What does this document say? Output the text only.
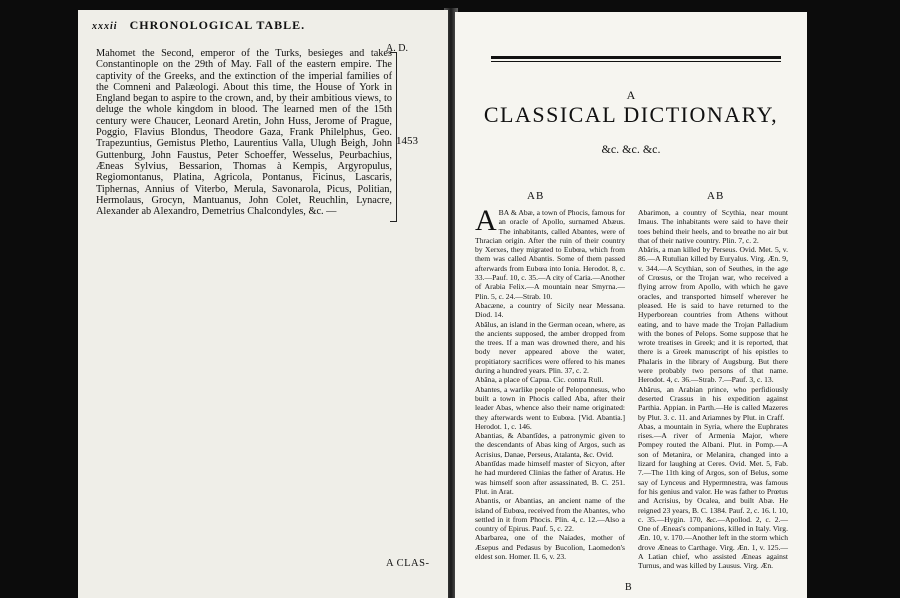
xxxii CHRONOLOGICAL TABLE.
A. D.
Mahomet the Second, emperor of the Turks, besieges and takes Constantinople on the 29th of May. Fall of the eastern empire. The captivity of the Greeks, and the extinction of the imperial families of the Comneni and Palæologi. About this time, the House of York in England began to aspire to the crown, and, by their ambitious views, to deluge the whole kingdom in blood. The learned men of the 15th century were Chaucer, Leonard Aretin, John Huss, Jerome of Prague, Poggio, Flavius Blondus, Theodore Gaza, Frank Philelphus, Geo. Trapezuntius, Gemistus Pletho, Laurentius Valla, Ulugh Beigh, John Guttenburg, John Faustus, Peter Schoeffer, Wesselus, Peurbachius, Æneas Sylvius, Bessarion, Thomas à Kempis, Argyropulus, Regiomontanus, Platina, Agricola, Pontanus, Ficinus, Lascaris, Tiphernas, Annius of Viterbo, Merula, Savonarola, Picus, Politian, Hermolaus, Grocyn, Mantuanus, John Colet, Reuchlin, Lynacre, Alexander ab Alexandro, Demetrius Chalcondyles, &c. —
1453
A CLAS-
A
CLASSICAL DICTIONARY,
&c. &c. &c.
AB	AB

A BA & Abæ, a town of Phocis, famous for an oracle of Apollo, surnamed Abæus. The inhabitants, called Abantes, were of Thracian origin. After the ruin of their country by Xerxes, they migrated to Eubœa, which from them was called Abantis. Some of them passed afterwards from Eubœa into Ionia. Herodot. 8, c. 33.—Pauf. 10, c. 35.—A city of Caria.—Another of Arabia Felix.—A mountain near Smyrna.—Plin. 5, c. 24.—Strab. 10.

Abacæne, a country of Sicily near Messana. Diod. 14.

Abālus, an island in the German ocean, where, as the ancients supposed, the amber dropped from the trees. If a man was drowned there, and his body never appeared above the water, propitiatory sacrifices were offered to his manes during a hundred years. Plin. 37, c. 2.

Abāna, a place of Capua. Cic. contra Rull.

Abantes, a warlike people of Peloponnesus, who built a town in Phocis called Aba, after their leader Abas, whence also their name originated: they afterwards went to Eubœa. [Vid. Abantia.] Herodot. 1, c. 146.

Abantias, & Abantīdes, a patronymic given to the descendants of Abas king of Argos, such as Acrisius, Danae, Perseus, Atalanta, &c. Ovid.

Abantīdas made himself master of Sicyon, after he had murdered Clinias the father of Aratus. He was himself soon after assassinated, B. C. 251. Plut. in Arat.

Abantis, or Abantias, an ancient name of the island of Eubœa, received from the Abantes, who settled in it from Phocis. Plin. 4, c. 12.—Also a country of Epirus. Pauf. 5, c. 22.

Abarbarea, one of the Naiades, mother of Æsepus and Pedasus by Bucolion, Laomedon's eldest son. Homer. Il. 6, v. 23.

Abarimon, a country of Scythia, near mount Imaus. The inhabitants were said to have their toes behind their heels, and to breathe no air but that of their native country. Plin. 7, c. 2.

Abăris, a man killed by Perseus. Ovid. Met. 5, v. 86.—A Rutulian killed by Euryalus. Virg. Æn. 9, v. 344.—A Scythian, son of Seuthes, in the age of Crœsus, or the Trojan war, who received a flying arrow from Apollo, with which he gave oracles, and transported himself wherever he pleased. He is said to have returned to the Hyperborean countries from Athens without eating, and to have made the Trojan Palladium with the bones of Pelops. Some suppose that he wrote treatises in Greek; and it is reported, that there is a Greek manuscript of his epistles to Phalaris in the library of Augsburg. But there were probably two persons of that name. Herodot. 4, c. 36.—Strab. 7.—Pauf. 3, c. 13.

Abărus, an Arabian prince, who perfidiously deserted Crassus in his expedition against Parthia. Appian. in Parth.—He is called Mazeres by Plut. 3. c. 11. and Ariamnes by Plut. in Craff.

Abas, a mountain in Syria, where the Euphrates rises.—A river of Armenia Major, where Pompey routed the Albani. Plut. in Pomp.—A son of Metanira, or Melanira, changed into a lizard for laughing at Ceres. Ovid. Met. 5, Fab. 7.—The 11th king of Argos, son of Belus, some say of Lynceus and Hypermnestra, was famous for his genius and valor. He was father to Prœtus and Acrisius, by Ocalea, and built Abæ. He reigned 23 years, B. C. 1384. Pauf. 2, c. 16. l. 10, c. 35.—Hygin. 170, &c.—Apollod. 2, c. 2.—One of Æneas's companions, killed in Italy. Virg. Æn. 10, v. 170.—Another left in the storm which drove Æneas to Carthage. Virg. Æn. 1, v. 125.—A Latian chief, who assisted Æneas against Turnus, and was killed by Lausus. Virg. Æn.

B
